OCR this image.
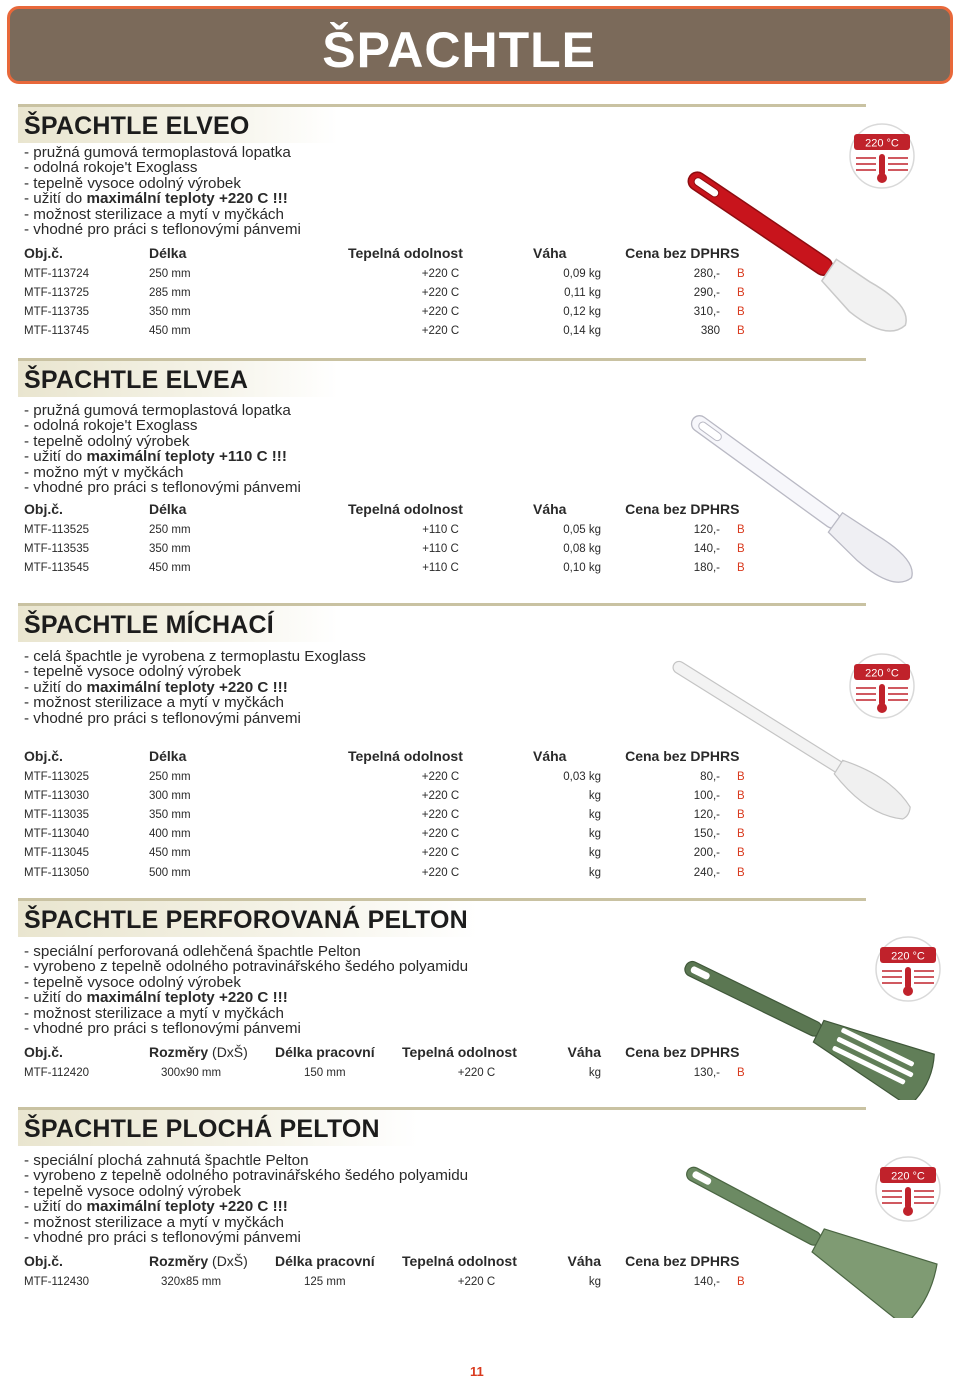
ŠPACHTLE
ŠPACHTLE ELVEO
- pružná gumová termoplastová lopatka
- odolná rokoje't Exoglass
- tepelně vysoce odolný výrobek
- užití do maximální teploty +220 C !!!
- možnost sterilizace a mytí v myčkách
- vhodné pro práci s teflonovými pánvemi
Obj.č.	Délka	Tepelná odolnost	Váha	Cena bez DPH	RS
MTF-113724	250 mm	+220 C	0,09 kg	280,-	B
MTF-113725	285 mm	+220 C	0,11 kg	290,-	B
MTF-113735	350 mm	+220 C	0,12 kg	310,-	B
MTF-113745	450 mm	+220 C	0,14 kg	380	B
ŠPACHTLE ELVEA
- pružná gumová termoplastová lopatka
- odolná rokoje't Exoglass
- tepelně odolný výrobek
- užití do maximální teploty +110 C !!!
- možno mýt v myčkách
- vhodné pro práci s teflonovými pánvemi
Obj.č.	Délka	Tepelná odolnost	Váha	Cena bez DPH	RS
MTF-113525	250 mm	+110 C	0,05 kg	120,-	B
MTF-113535	350 mm	+110 C	0,08 kg	140,-	B
MTF-113545	450 mm	+110 C	0,10 kg	180,-	B
ŠPACHTLE MÍCHACÍ
- celá špachtle je vyrobena z termoplastu Exoglass
- tepelně vysoce odolný výrobek
- užití do maximální teploty +220 C !!!
- možnost sterilizace a mytí v myčkách
- vhodné pro práci s teflonovými pánvemi
Obj.č.	Délka	Tepelná odolnost	Váha	Cena bez DPH	RS
MTF-113025	250 mm	+220 C	0,03 kg	80,-	B
MTF-113030	300 mm	+220 C	kg	100,-	B
MTF-113035	350 mm	+220 C	kg	120,-	B
MTF-113040	400 mm	+220 C	kg	150,-	B
MTF-113045	450 mm	+220 C	kg	200,-	B
MTF-113050	500 mm	+220 C	kg	240,-	B
ŠPACHTLE PERFOROVANÁ PELTON
- speciální perforovaná odlehčená špachtle Pelton
- vyrobeno z tepelně odolného potravinářského šedého polyamidu
- tepelně vysoce odolný výrobek
- užití do maximální teploty +220 C !!!
- možnost sterilizace a mytí v myčkách
- vhodné pro práci s teflonovými pánvemi
Obj.č.	Rozměry (DxŠ)	Délka pracovní	Tepelná odolnost	Váha	Cena bez DPH	RS
MTF-112420	300x90 mm	150 mm	+220 C	kg	130,-	B
ŠPACHTLE PLOCHÁ PELTON
- speciální plochá zahnutá špachtle Pelton
- vyrobeno z tepelně odolného potravinářského šedého polyamidu
- tepelně vysoce odolný výrobek
- užití do maximální teploty +220 C !!!
- možnost sterilizace a mytí v myčkách
- vhodné pro práci s teflonovými pánvemi
Obj.č.	Rozměry (DxŠ)	Délka pracovní	Tepelná odolnost	Váha	Cena bez DPH	RS
MTF-112430	320x85 mm	125 mm	+220 C	kg	140,-	B
220 °C
220 °C
220 °C
220 °C
11
